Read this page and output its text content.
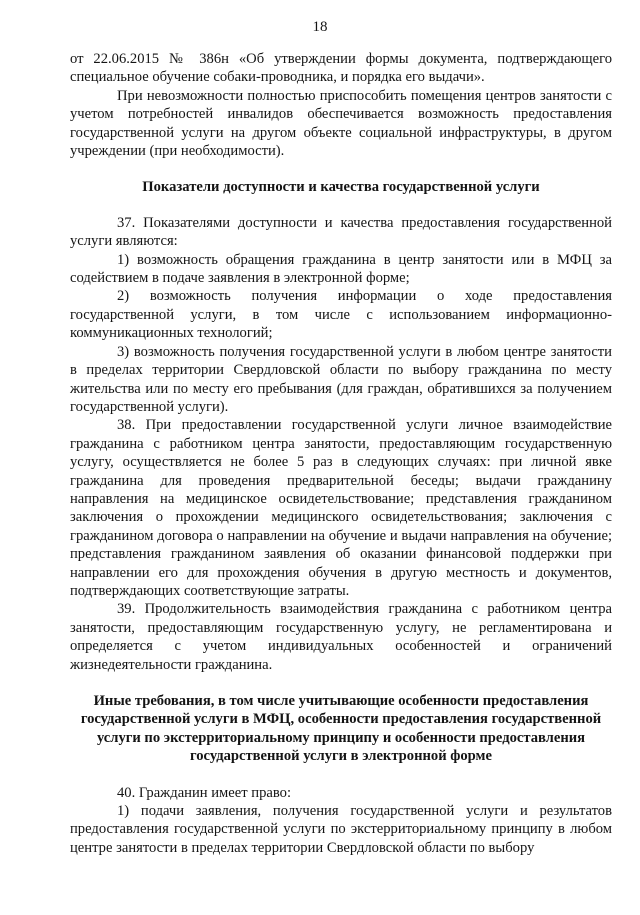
18

от 22.06.2015 № 386н «Об утверждении формы документа, подтверждающего специальное обучение собаки-проводника, и порядка его выдачи».

При невозможности полностью приспособить помещения центров занятости с учетом потребностей инвалидов обеспечивается возможность предоставления государственной услуги на другом объекте социальной инфраструктуры, в другом учреждении (при необходимости).

Показатели доступности и качества государственной услуги

37. Показателями доступности и качества предоставления государственной услуги являются:

1) возможность обращения гражданина в центр занятости или в МФЦ за содействием в подаче заявления в электронной форме;

2) возможность получения информации о ходе предоставления государственной услуги, в том числе с использованием информационно-коммуникационных технологий;

3) возможность получения государственной услуги в любом центре занятости в пределах территории Свердловской области по выбору гражданина по месту жительства или по месту его пребывания (для граждан, обратившихся за получением государственной услуги).

38. При предоставлении государственной услуги личное взаимодействие гражданина с работником центра занятости, предоставляющим государственную услугу, осуществляется не более 5 раз в следующих случаях: при личной явке гражданина для проведения предварительной беседы; выдачи гражданину направления на медицинское освидетельствование; представления гражданином заключения о прохождении медицинского освидетельствования; заключения с гражданином договора о направлении на обучение и выдачи направления на обучение; представления гражданином заявления об оказании финансовой поддержки при направлении его для прохождения обучения в другую местность и документов, подтверждающих соответствующие затраты.

39. Продолжительность взаимодействия гражданина с работником центра занятости, предоставляющим государственную услугу, не регламентирована и определяется с учетом индивидуальных особенностей и ограничений жизнедеятельности гражданина.

Иные требования, в том числе учитывающие особенности предоставления государственной услуги в МФЦ, особенности предоставления государственной услуги по экстерриториальному принципу и особенности предоставления государственной услуги в электронной форме

40. Гражданин имеет право:

1) подачи заявления, получения государственной услуги и результатов предоставления государственной услуги по экстерриториальному принципу в любом центре занятости в пределах территории Свердловской области по выбору
